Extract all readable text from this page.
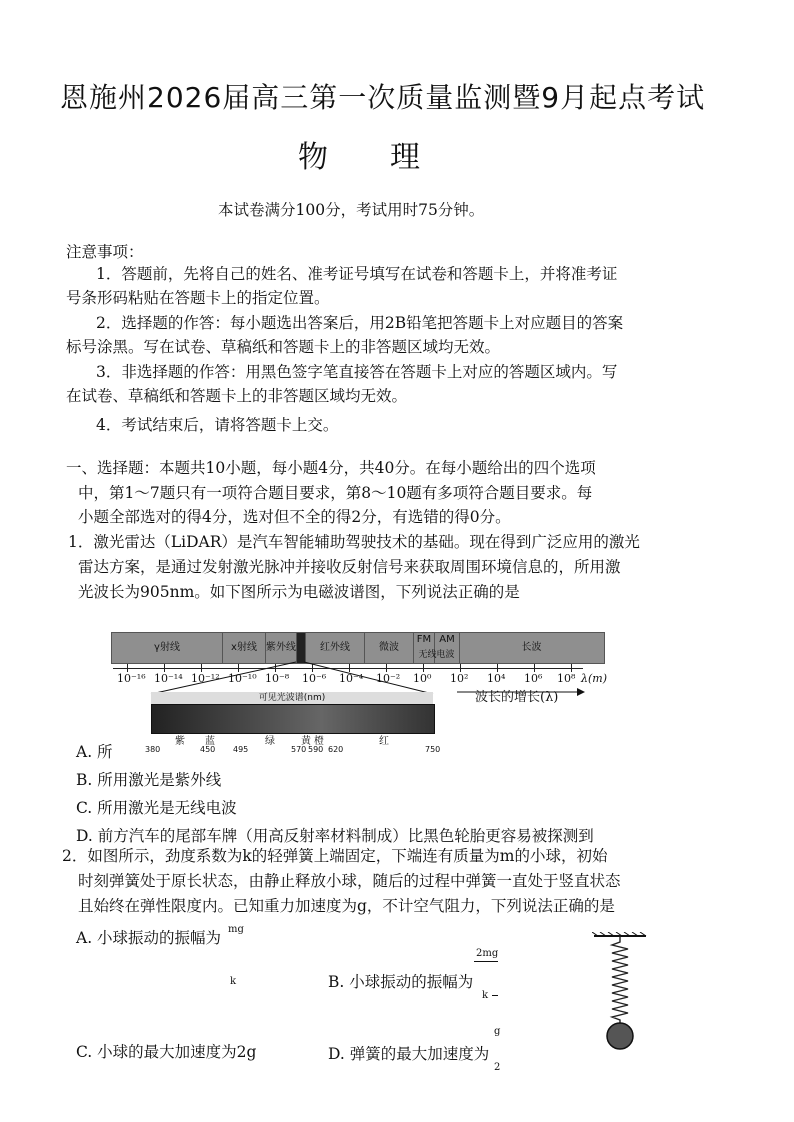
恩施州2026届高三第一次质量监测暨9月起点考试
物 理
本试卷满分100分，考试用时75分钟。
注意事项：
1．答题前，先将自己的姓名、准考证号填写在试卷和答题卡上，并将准考证
号条形码粘贴在答题卡上的指定位置。
2．选择题的作答：每小题选出答案后，用2B铅笔把答题卡上对应题目的答案
标号涂黑。写在试卷、草稿纸和答题卡上的非答题区域均无效。
3．非选择题的作答：用黑色签字笔直接答在答题卡上对应的答题区域内。写
在试卷、草稿纸和答题卡上的非答题区域均无效。
4．考试结束后，请将答题卡上交。
一、选择题：本题共10小题，每小题4分，共40分。在每小题给出的四个选项
中，第1～7题只有一项符合题目要求，第8～10题有多项符合题目要求。每
小题全部选对的得4分，选对但不全的得2分，有选错的得0分。
1．激光雷达（LiDAR）是汽车智能辅助驾驶技术的基础。现在得到广泛应用的激光
雷达方案，是通过发射激光脉冲并接收反射信号来获取周围环境信息的，所用激
光波长为905nm。如下图所示为电磁波谱图，下列说法正确的是
γ射线	x射线 紫外线	红外线	微波
FM AM
无线电波
长波
10⁻¹⁶ 10⁻¹⁴ 10⁻¹² 10⁻¹⁰ 10⁻⁸ 10⁻⁶ 10⁻⁴ 10⁻² 10⁰ 10² 10⁴ 10⁶ 10⁸ λ(m)
波长的增长(λ)
可见光波谱(nm)
紫 蓝	绿	黄 橙	红
380	450 495	570 590 620	750
A. 所
B. 所用激光是紫外线
C. 所用激光是无线电波
D. 前方汽车的尾部车牌（用高反射率材料制成）比黑色轮胎更容易被探测到
2．如图所示，劲度系数为k的轻弹簧上端固定，下端连有质量为m的小球，初始
时刻弹簧处于原长状态，由静止释放小球，随后的过程中弹簧一直处于竖直状态
且始终在弹性限度内。已知重力加速度为g，不计空气阻力，下列说法正确的是
A. 小球振动的振幅为 mg
k
2mg
B. 小球振动的振幅为
k
C. 小球的最大加速度为2g
g
D. 弹簧的最大加速度为
2
